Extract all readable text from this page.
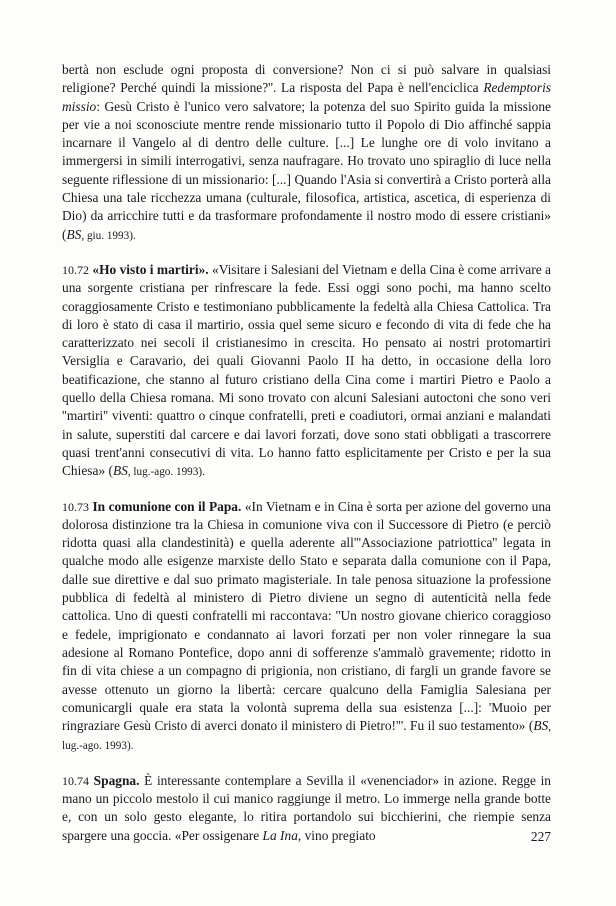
bertà non esclude ogni proposta di conversione? Non ci si può salvare in qualsiasi religione? Perché quindi la missione?''. La risposta del Papa è nell'enciclica Redemptoris missio: Gesù Cristo è l'unico vero salvatore; la potenza del suo Spirito guida la missione per vie a noi sconosciute mentre rende missionario tutto il Popolo di Dio affinché sappia incarnare il Vangelo al di dentro delle culture. [...] Le lunghe ore di volo invitano a immergersi in simili interrogativi, senza naufragare. Ho trovato uno spiraglio di luce nella seguente riflessione di un missionario: [...] Quando l'Asia si convertirà a Cristo porterà alla Chiesa una tale ricchezza umana (culturale, filosofica, artistica, ascetica, di esperienza di Dio) da arricchire tutti e da trasformare profondamente il nostro modo di essere cristiani» (BS, giu. 1993).

10.72 «Ho visto i martiri». «Visitare i Salesiani del Vietnam e della Cina è come arrivare a una sorgente cristiana per rinfrescare la fede. Essi oggi sono pochi, ma hanno scelto coraggiosamente Cristo e testimoniano pubblicamente la fedeltà alla Chiesa Cattolica. Tra di loro è stato di casa il martirio, ossia quel seme sicuro e fecondo di vita di fede che ha caratterizzato nei secoli il cristianesimo in crescita. Ho pensato ai nostri protomartiri Versiglia e Caravario, dei quali Giovanni Paolo II ha detto, in occasione della loro beatificazione, che stanno al futuro cristiano della Cina come i martiri Pietro e Paolo a quello della Chiesa romana. Mi sono trovato con alcuni Salesiani autoctoni che sono veri ''martiri'' viventi: quattro o cinque confratelli, preti e coadiutori, ormai anziani e malandati in salute, superstiti dal carcere e dai lavori forzati, dove sono stati obbligati a trascorrere quasi trent'anni consecutivi di vita. Lo hanno fatto esplicitamente per Cristo e per la sua Chiesa» (BS, lug.-ago. 1993).

10.73 In comunione con il Papa. «In Vietnam e in Cina è sorta per azione del governo una dolorosa distinzione tra la Chiesa in comunione viva con il Successore di Pietro (e perciò ridotta quasi alla clandestinità) e quella aderente all'''Associazione patriottica'' legata in qualche modo alle esigenze marxiste dello Stato e separata dalla comunione con il Papa, dalle sue direttive e dal suo primato magisteriale. In tale penosa situazione la professione pubblica di fedeltà al ministero di Pietro diviene un segno di autenticità nella fede cattolica. Uno di questi confratelli mi raccontava: ''Un nostro giovane chierico coraggioso e fedele, imprigionato e condannato ai lavori forzati per non voler rinnegare la sua adesione al Romano Pontefice, dopo anni di sofferenze s'ammalò gravemente; ridotto in fin di vita chiese a un compagno di prigionia, non cristiano, di fargli un grande favore se avesse ottenuto un giorno la libertà: cercare qualcuno della Famiglia Salesiana per comunicargli quale era stata la volontà suprema della sua esistenza [...]: 'Muoio per ringraziare Gesù Cristo di averci donato il ministero di Pietro!'''. Fu il suo testamento» (BS, lug.-ago. 1993).

10.74 Spagna. È interessante contemplare a Sevilla il «venenciador» in azione. Regge in mano un piccolo mestolo il cui manico raggiunge il metro. Lo immerge nella grande botte e, con un solo gesto elegante, lo ritira portandolo sui bicchierini, che riempie senza spargere una goccia. «Per ossigenare La Ina, vino pregiato	227
